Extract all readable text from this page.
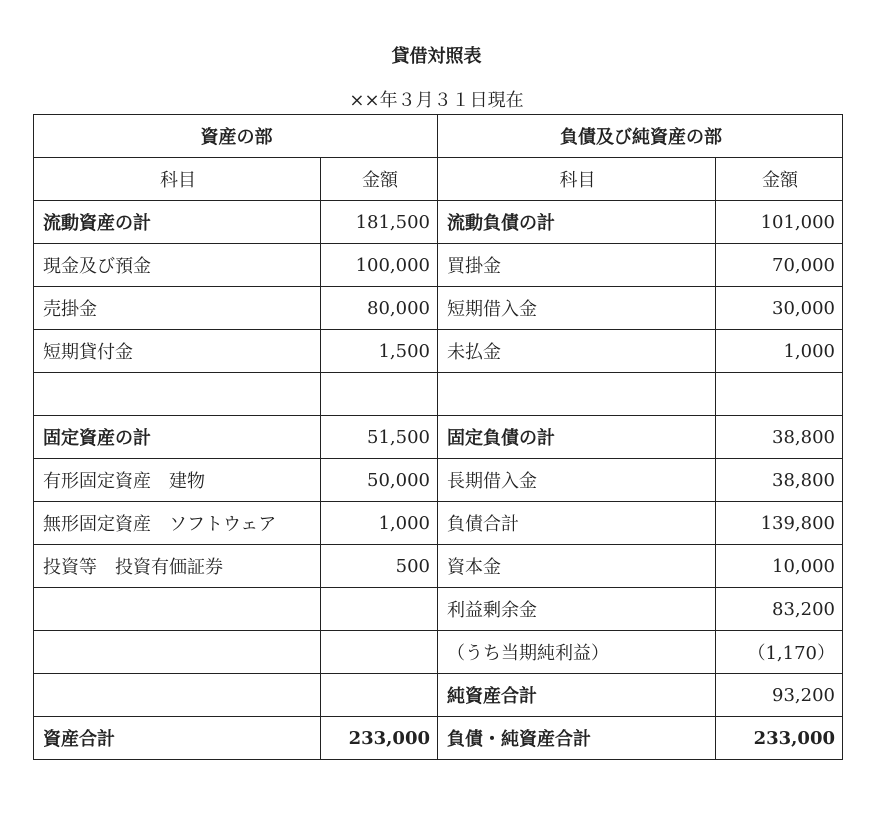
貸借対照表
××年３月３１日現在
資産の部		負債及び純資産の部	
科目	金額	科目	金額
流動資産の計	181,500	流動負債の計	101,000
現金及び預金	100,000	買掛金	70,000
売掛金	80,000	短期借入金	30,000
短期貸付金	1,500	未払金	1,000

固定資産の計	51,500	固定負債の計	38,800
有形固定資産　建物	50,000	長期借入金	38,800
無形固定資産　ソフトウェア	1,000	負債合計	139,800
投資等　投資有価証券	500	資本金	10,000
		利益剰余金	83,200
		（うち当期純利益）	（1,170）
		純資産合計	93,200
資産合計	233,000	負債・純資産合計	233,000
